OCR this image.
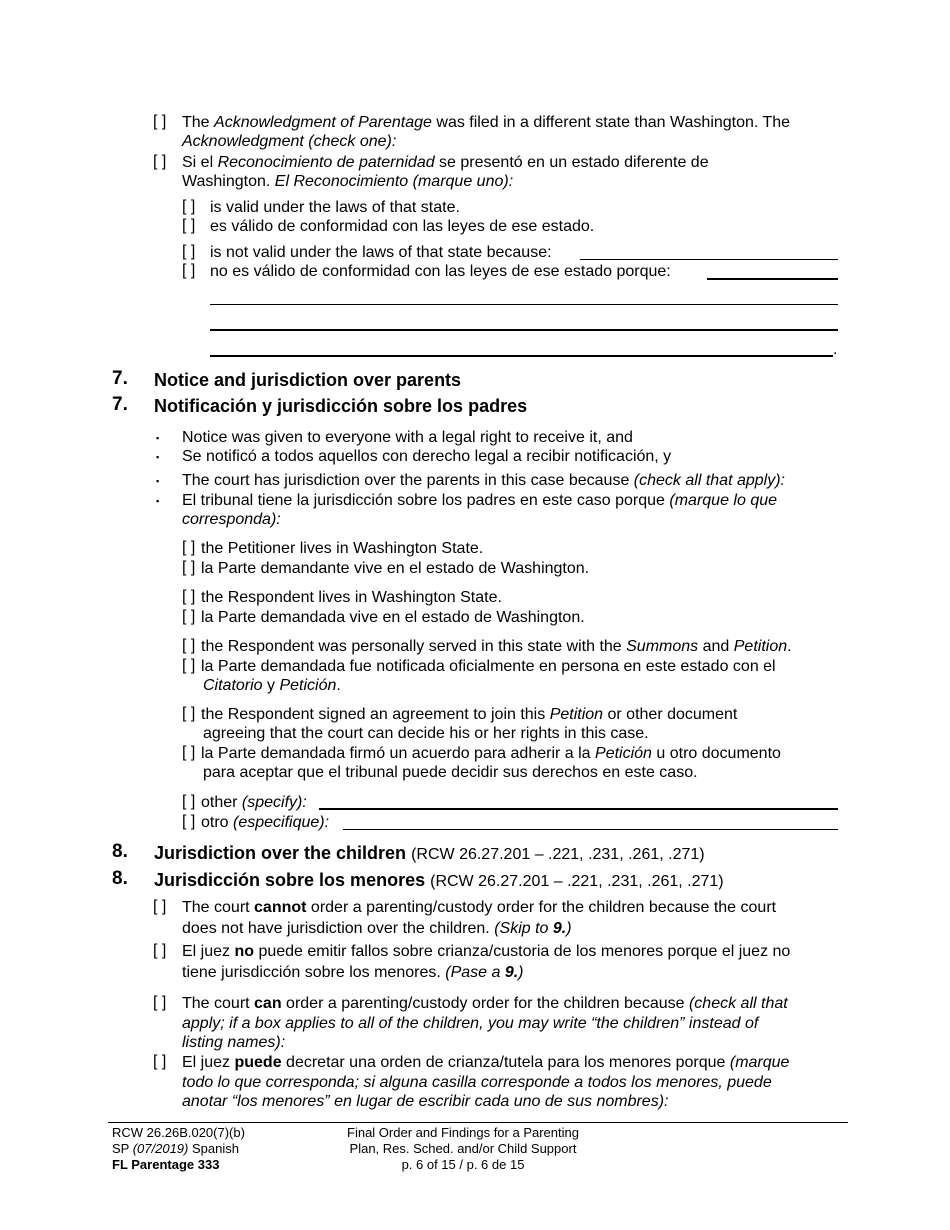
[ ] The Acknowledgment of Parentage was filed in a different state than Washington. The
Acknowledgment (check one):
[ ] Si el Reconocimiento de paternidad se presentó en un estado diferente de
Washington. El Reconocimiento (marque uno):
[ ] is valid under the laws of that state.
[ ] es válido de conformidad con las leyes de ese estado.
[ ] is not valid under the laws of that state because:
[ ] no es válido de conformidad con las leyes de ese estado porque:
.
7. Notice and jurisdiction over parents
7. Notificación y jurisdicción sobre los padres
▪ Notice was given to everyone with a legal right to receive it, and
▪ Se notificó a todos aquellos con derecho legal a recibir notificación, y
▪ The court has jurisdiction over the parents in this case because (check all that apply):
▪ El tribunal tiene la jurisdicción sobre los padres en este caso porque (marque lo que
corresponda):
[ ] the Petitioner lives in Washington State.
[ ] la Parte demandante vive en el estado de Washington.
[ ] the Respondent lives in Washington State.
[ ] la Parte demandada vive en el estado de Washington.
[ ] the Respondent was personally served in this state with the Summons and Petition.
[ ] la Parte demandada fue notificada oficialmente en persona en este estado con el
Citatorio y Petición.
[ ] the Respondent signed an agreement to join this Petition or other document
agreeing that the court can decide his or her rights in this case.
[ ] la Parte demandada firmó un acuerdo para adherir a la Petición u otro documento
para aceptar que el tribunal puede decidir sus derechos en este caso.
[ ] other (specify):
[ ] otro (especifique):
8. Jurisdiction over the children (RCW 26.27.201 – .221, .231, .261, .271)
8. Jurisdicción sobre los menores (RCW 26.27.201 – .221, .231, .261, .271)
[ ] The court cannot order a parenting/custody order for the children because the court
does not have jurisdiction over the children. (Skip to 9.)
[ ] El juez no puede emitir fallos sobre crianza/custoria de los menores porque el juez no
tiene jurisdicción sobre los menores. (Pase a 9.)
[ ] The court can order a parenting/custody order for the children because (check all that
apply; if a box applies to all of the children, you may write “the children” instead of
listing names):
[ ] El juez puede decretar una orden de crianza/tutela para los menores porque (marque
todo lo que corresponda; si alguna casilla corresponde a todos los menores, puede
anotar “los menores” en lugar de escribir cada uno de sus nombres):
RCW 26.26B.020(7)(b)
SP (07/2019) Spanish
FL Parentage 333
Final Order and Findings for a Parenting
Plan, Res. Sched. and/or Child Support
p. 6 of 15 / p. 6 de 15
